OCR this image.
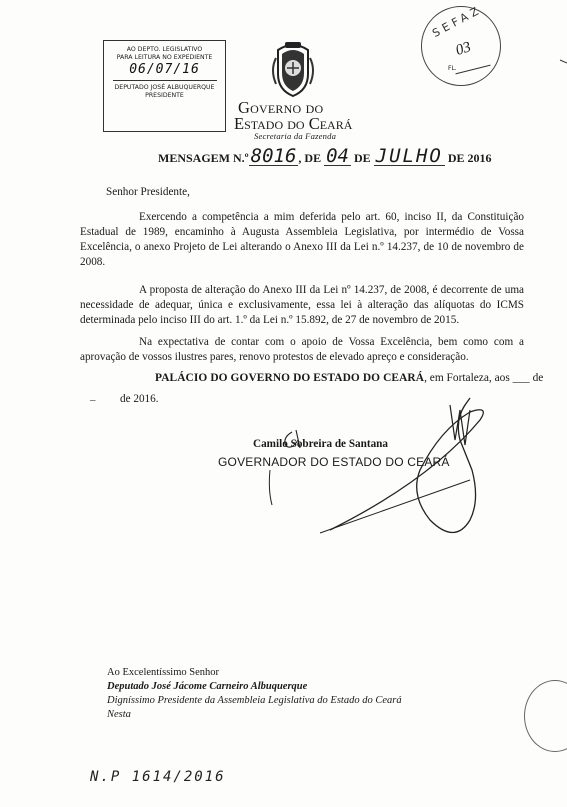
AO DEPTO. LEGISLATIVO
PARA LEITURA NO EXPEDIENTE
06/07/16
DEPUTADO JOSÉ ALBUQUERQUE
PRESIDENTE
SEFAZ
03
FL.
Governo do
Estado do Ceará
Secretaria da Fazenda
MENSAGEM N.º 8016 , DE 04 DE JULHO DE 2016
Senhor Presidente,
Exercendo a competência a mim deferida pelo art. 60, inciso II, da Constituição Estadual de 1989, encaminho à Augusta Assembleia Legislativa, por intermédio de Vossa Excelência, o anexo Projeto de Lei alterando o Anexo III da Lei n.º 14.237, de 10 de novembro de 2008.
A proposta de alteração do Anexo III da Lei nº 14.237, de 2008, é decorrente de uma necessidade de adequar, única e exclusivamente, essa lei à alteração das alíquotas do ICMS determinada pelo inciso III do art. 1.º da Lei n.º 15.892, de 27 de novembro de 2015.
Na expectativa de contar com o apoio de Vossa Excelência, bem como com a aprovação de vossos ilustres pares, renovo protestos de elevado apreço e consideração.
PALÁCIO DO GOVERNO DO ESTADO DO CEARÁ, em Fortaleza, aos ___ de
– de 2016.
Camilo Sobreira de Santana
GOVERNADOR DO ESTADO DO CEARÁ
Ao Excelentíssimo Senhor
Deputado José Jácome Carneiro Albuquerque
Digníssimo Presidente da Assembleia Legislativa do Estado do Ceará
Nesta
N.P 1614/2016
